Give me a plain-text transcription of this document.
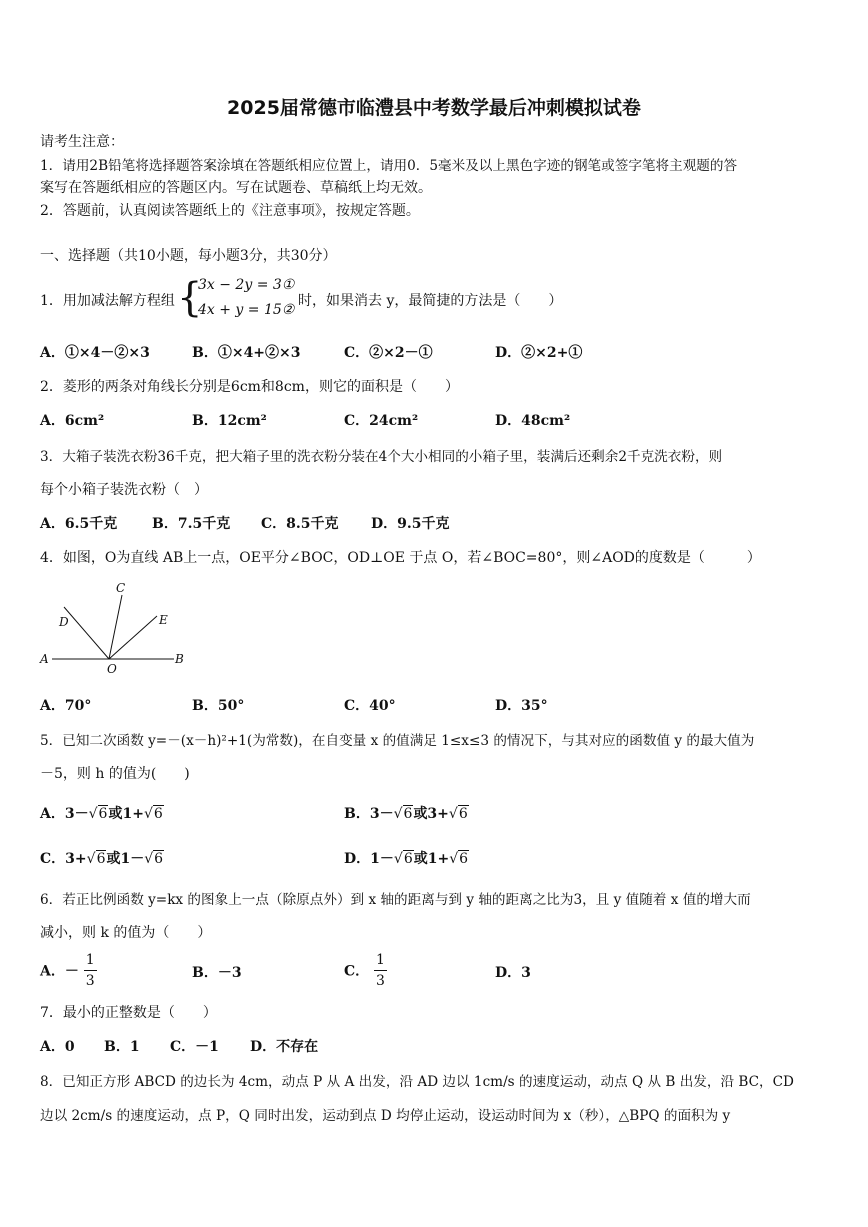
2025届常德市临澧县中考数学最后冲刺模拟试卷
请考生注意：
1．请用2B铅笔将选择题答案涂填在答题纸相应位置上，请用0．5毫米及以上黑色字迹的钢笔或签字笔将主观题的答
案写在答题纸相应的答题区内。写在试题卷、草稿纸上均无效。
2．答题前，认真阅读答题纸上的《注意事项》，按规定答题。
一、选择题（共10小题，每小题3分，共30分）
1．用加减法解方程组 {
3x − 2y = 3①
4x + y = 15②
时，如果消去 y，最简捷的方法是（　　）
A．①×4－②×3	B．①×4+②×3	C．②×2－①	D．②×2+①
2．菱形的两条对角线长分别是6cm和8cm，则它的面积是（　　）
A．6cm²	B．12cm²	C．24cm²	D．48cm²
3．大箱子装洗衣粉36千克，把大箱子里的洗衣粉分装在4个大小相同的小箱子里，装满后还剩余2千克洗衣粉，则
每个小箱子装洗衣粉（　）
A．6.5千克 B．7.5千克 C．8.5千克 D．9.5千克
4．如图，O为直线 AB上一点，OE平分∠BOC，OD⊥OE 于点 O，若∠BOC=80°，则∠AOD的度数是（　　　）
C
D	E
A
O
B
A．70°	B．50°	C．40°	D．35°
5．已知二次函数 y=－(x－h)²+1(为常数)，在自变量 x 的值满足 1≤x≤3 的情况下，与其对应的函数值 y 的最大值为
－5，则 h 的值为(　　)
A．3－√6或1+√6	B．3－√6或3+√6
C．3+√6或1－√6	D．1－√6或1+√6
6．若正比例函数 y=kx 的图象上一点（除原点外）到 x 轴的距离与到 y 轴的距离之比为3，且 y 值随着 x 值的增大而
减小，则 k 的值为（　　）
A．－ $\frac{1}{3}$	B．－3	C． $\frac{1}{3}$	D．3
7．最小的正整数是（　　）
A．0 B．1 C．－1 D．不存在
8．已知正方形 ABCD 的边长为 4cm，动点 P 从 A 出发，沿 AD 边以 1cm/s 的速度运动，动点 Q 从 B 出发，沿 BC，CD
边以 2cm/s 的速度运动，点 P，Q 同时出发，运动到点 D 均停止运动，设运动时间为 x（秒），△BPQ 的面积为 y
